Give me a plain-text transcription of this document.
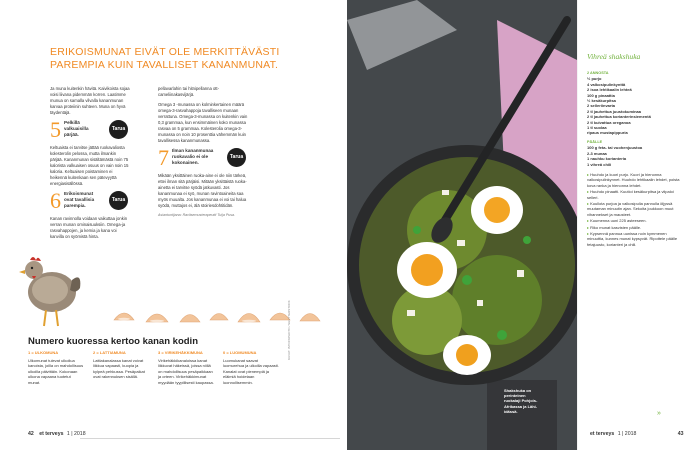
ERIKOISMUNAT EIVÄT OLE MERKITTÄVÄSTI PAREMPIA KUIN TAVALLISET KANANMUNAT.

Ja muna kuitenkin hävitä. Kaivikoista sojaa voisi liivana pidemmän korren. Laatimme munua on samalla vilvalla kananmunan karvaa proteiinin suhteen. Muna on hyvä täydentäjä.

5 Pelkillä valkuaisilla pärjää.
Tarua

Keltuaista ei tarvitse jättää ruokavaliosta kolesterolin pelossa, mutta ilmankin pärjää. Kananmunan sisältämästä noin 75 kalorista valkuaisen osuus on vain noin 15 kaloria. Keltuaisen poistaminen ei heikennä kuitenkaan sen pätevyyttä energiasisällössä.

6 Erikoismunat ovat tavallisia parempia.
Tarua

Kanan ravinnolla voidaan vaikuttaa jonkin verran munan ominaisuuksiin. Omega-ja rasvahappojen, ja kemia ja kana voi kanvilla on syömistä hinta.

pellavarlahin tai hitnipellanna ott-cameliinakasvijärjä.

Omega 3 -munassa on kolminkertainen määrä omega-3-rasvahappoja tavalliseen munaan verrattuna. Omega-3-munassa on kuitenkin vain 0,3 grammaa, kun ensimmäinen koko munassa rasvaa on 5 grammaa. Kolesterolia omega-3-munassa on noin 10 prosenttia vähemmän kuin tavallisessa kananmunassa.

7 Ilman kananmunaa ruokavalio ei ole kokonainen.
Tarua

Mikään yksittäinen ruoka-aine ei ole niin tärkeä, ettei ilman sitä pärjäisi. Mitään yksittäistä ruoka-ainetta ei tarvitse syödä jatkuvasti. Jos kananmunaa ei syö, munan ravintoaineita saa myös muualta. Jos kananmunaa ei voi tai halua syödä, muttajos ei, älä stoiriesdohtitidän.

Asiantuntijana: Ravitsemusterapeutti Tuija Pusa.
Numero kuoressa kertoo kanan kodin
1 = ULKOMUNA
Ulkomunat tulevat ulkoilua kanoista, joilla on mahdollisuus ulkoilla päivittäin. Kokonaan ulkona vapaana tuotetut munat.
2 = LATTIAMUNA
Lattiakanalassa kanat voivat liikkua vapaasti, kuopia ja kylpeä pehkussa. Pesäpaikat ovat rakennuksen sisällä.
3 = VIRIKEHÄKKIMUNA
Virikehäkkikanaloissa kanat liikkuvat häkeissä, joissa niillä on mahdollisuus pesäpaikkaan ja orteen. Virikehäkkimunat myydään tyypillisesti kaupassa.
0 = LUOMUMUNA
Luomukanat saavat luomurehua ja ulkoilla vapaasti. Kanalat ovat pienempiä ja eläimiä hoidetaan luonnollisemmin.
KUVAT: ISTOCKPHOTO / SHUTTERSTOCK
42 et terveys 1 | 2018
Shakshuka on perinteinen ruokalaji Pohjois-Afrikassa ja Lähi-idässä.
Vihreä shakshuka
2 ANNOSTA
½ purjo
4 valkosipulinkynttä
2 isoa lehtikaalin lehteä
100 g pinaattia
½ kesäkurpitsa
2 selleriinvarta
2 tl jauhettua juustokuminaa
2 tl jauhettua korianterinsiementä
2 tl kuivattua oreganoa
1 tl suolaa
ripaus mustapippuria
PÄÄLLE
100 g feta- tai vuohenjuustoa
2-3 munaa
1 nauhku korianteria
1 vihreä chili
▸ Huuhdo ja kuori purjo. Kuori ja hienonna valkosipulinkynnet. Huuhdo lehtikaalin lehdet, poista kova ranka ja hienonna lehdet.
▸ Huuhdo pinaatti. Kuutioi kesäkurpitsa ja viipaloi selleri.
▸ Kuullota purjoa ja valkosipulia pannulla öljyssä muutaman minuutin ajan. Sekoita joukkoon muut vihannekset ja mausteet.
▸ Kuumenna uuni 225 asteeseen.
▸ Riko munat kasvisten päälle.
▸ Kypsennä pannua uunissa noin kymmenen minuuttia, kunnes munat kypsyvät. Ripottele päälle fetajuusto, korianteri ja chili.
»
et terveys 1 | 2018	43
